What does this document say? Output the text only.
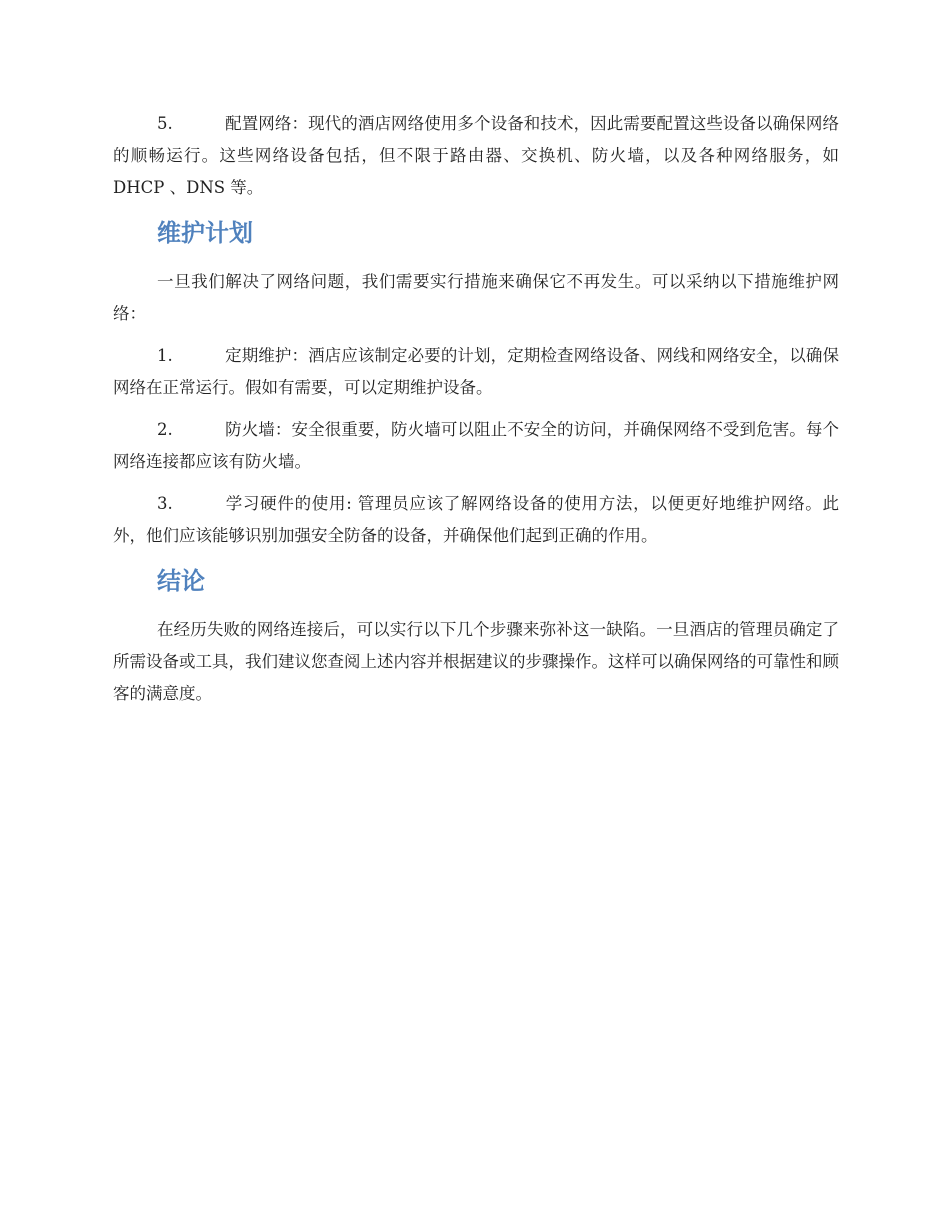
5.	配置网络：现代的酒店网络使用多个设备和技术，因此需要配置这些设备以确保网络的顺畅运行。这些网络设备包括，但不限于路由器、交换机、防火墙，以及各种网络服务，如 DHCP 、DNS 等。

维护计划

一旦我们解决了网络问题，我们需要实行措施来确保它不再发生。可以采纳以下措施维护网络：

1.	定期维护：酒店应该制定必要的计划，定期检查网络设备、网线和网络安全，以确保网络在正常运行。假如有需要，可以定期维护设备。

2.	防火墙：安全很重要，防火墙可以阻止不安全的访问，并确保网络不受到危害。每个网络连接都应该有防火墙。

3.	学习硬件的使用: 管理员应该了解网络设备的使用方法，以便更好地维护网络。此外，他们应该能够识别加强安全防备的设备，并确保他们起到正确的作用。

结论

在经历失败的网络连接后，可以实行以下几个步骤来弥补这一缺陷。一旦酒店的管理员确定了所需设备或工具，我们建议您查阅上述内容并根据建议的步骤操作。这样可以确保网络的可靠性和顾客的满意度。
